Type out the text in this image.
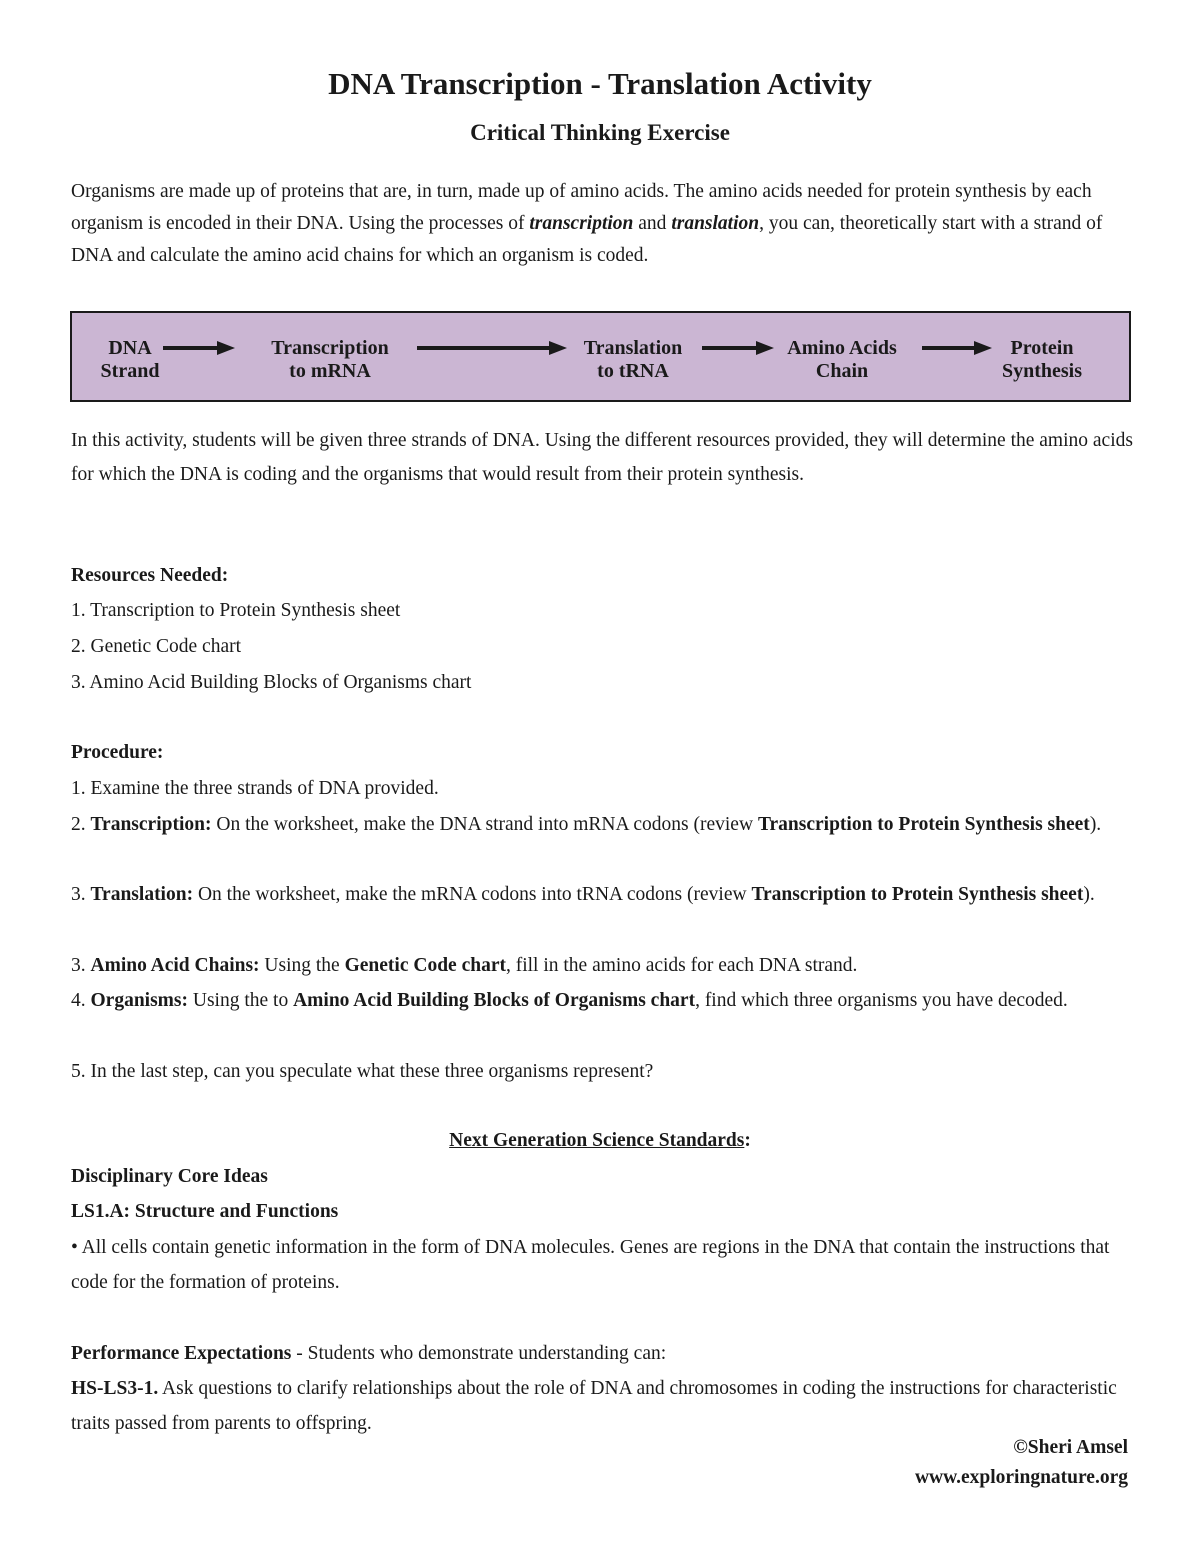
DNA Transcription - Translation Activity
Critical Thinking Exercise
Organisms are made up of proteins that are, in turn, made up of amino acids. The amino acids needed for protein synthesis by each organism is encoded in their DNA. Using the processes of transcription and translation, you can, theoretically start with a strand of DNA and calculate the amino acid chains for which an organism is coded.
DNA
Strand
Transcription
to mRNA
Translation
to tRNA
Amino Acids
Chain
Protein
Synthesis
In this activity, students will be given three strands of DNA. Using the different resources provided, they will determine the amino acids for which the DNA is coding and the organisms that would result from their protein synthesis.
Resources Needed:
1. Transcription to Protein Synthesis sheet
2. Genetic Code chart
3. Amino Acid Building Blocks of Organisms chart
Procedure:
1. Examine the three strands of DNA provided.
2. Transcription: On the worksheet, make the DNA strand into mRNA codons (review Transcription to Protein Synthesis sheet).
3. Translation: On the worksheet, make the mRNA codons into tRNA codons (review Transcription to Protein Synthesis sheet).
3. Amino Acid Chains: Using the Genetic Code chart, fill in the amino acids for each DNA strand.
4. Organisms: Using the to Amino Acid Building Blocks of Organisms chart, find which three organisms you have decoded.
5. In the last step, can you speculate what these three organisms represent?
Next Generation Science Standards:
Disciplinary Core Ideas
LS1.A: Structure and Functions
• All cells contain genetic information in the form of DNA molecules. Genes are regions in the DNA that contain the instructions that code for the formation of proteins.
Performance Expectations - Students who demonstrate understanding can:
HS-LS3-1. Ask questions to clarify relationships about the role of DNA and chromosomes in coding the instructions for characteristic traits passed from parents to offspring.
©Sheri Amsel
www.exploringnature.org
